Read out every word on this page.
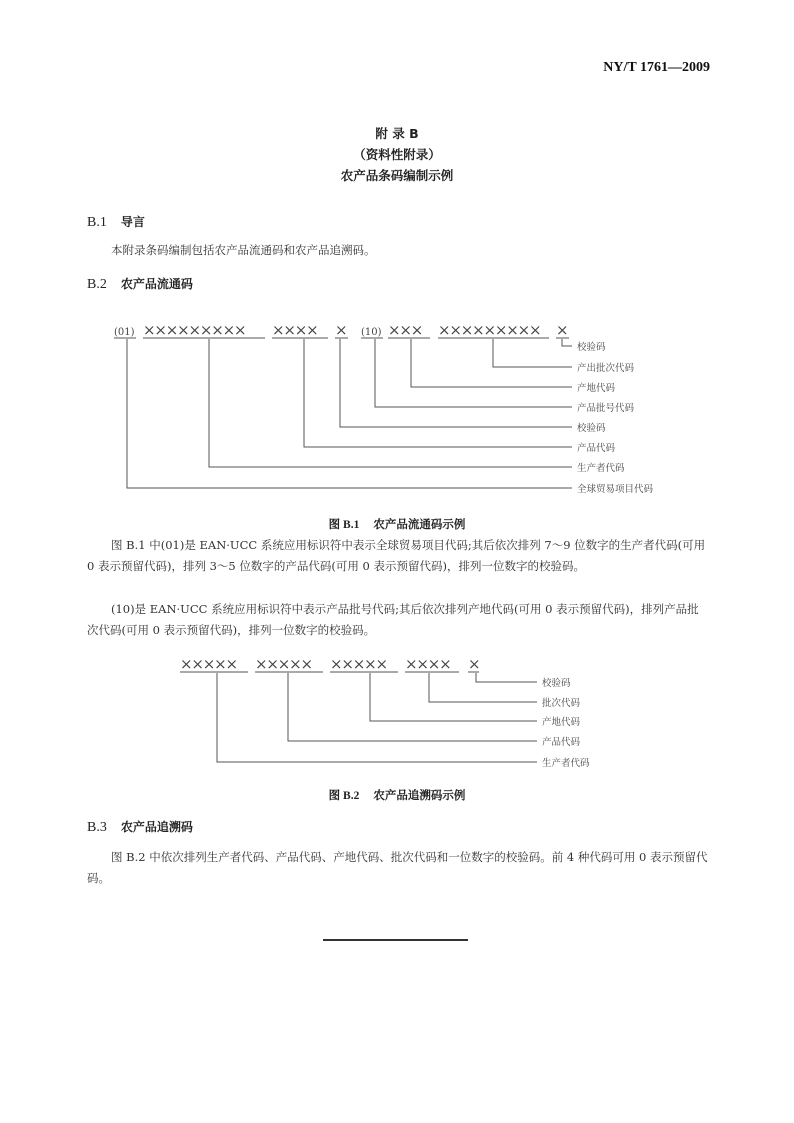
NY/T 1761—2009
附 录 B
（资料性附录）
农产品条码编制示例
B.1 导言
本附录条码编制包括农产品流通码和农产品追溯码。
B.2 农产品流通码
(01) ××××××××× ×××× × (10) ××× ××××××××× ×
校验码
产出批次代码
产地代码
产品批号代码
校验码
产品代码
生产者代码
全球贸易项目代码
××××× ××××× ××××× ×××× ×
校验码
批次代码
产地代码
产品代码
生产者代码
图 B.1 农产品流通码示例
图 B.1 中(01)是 EAN·UCC 系统应用标识符中表示全球贸易项目代码;其后依次排列 7～9 位数字的生产者代码(可用 0 表示预留代码)，排列 3～5 位数字的产品代码(可用 0 表示预留代码)，排列一位数字的校验码。
(10)是 EAN·UCC 系统应用标识符中表示产品批号代码;其后依次排列产地代码(可用 0 表示预留代码)，排列产品批次代码(可用 0 表示预留代码)，排列一位数字的校验码。
图 B.2 农产品追溯码示例
B.3 农产品追溯码
图 B.2 中依次排列生产者代码、产品代码、产地代码、批次代码和一位数字的校验码。前 4 种代码可用 0 表示预留代码。
